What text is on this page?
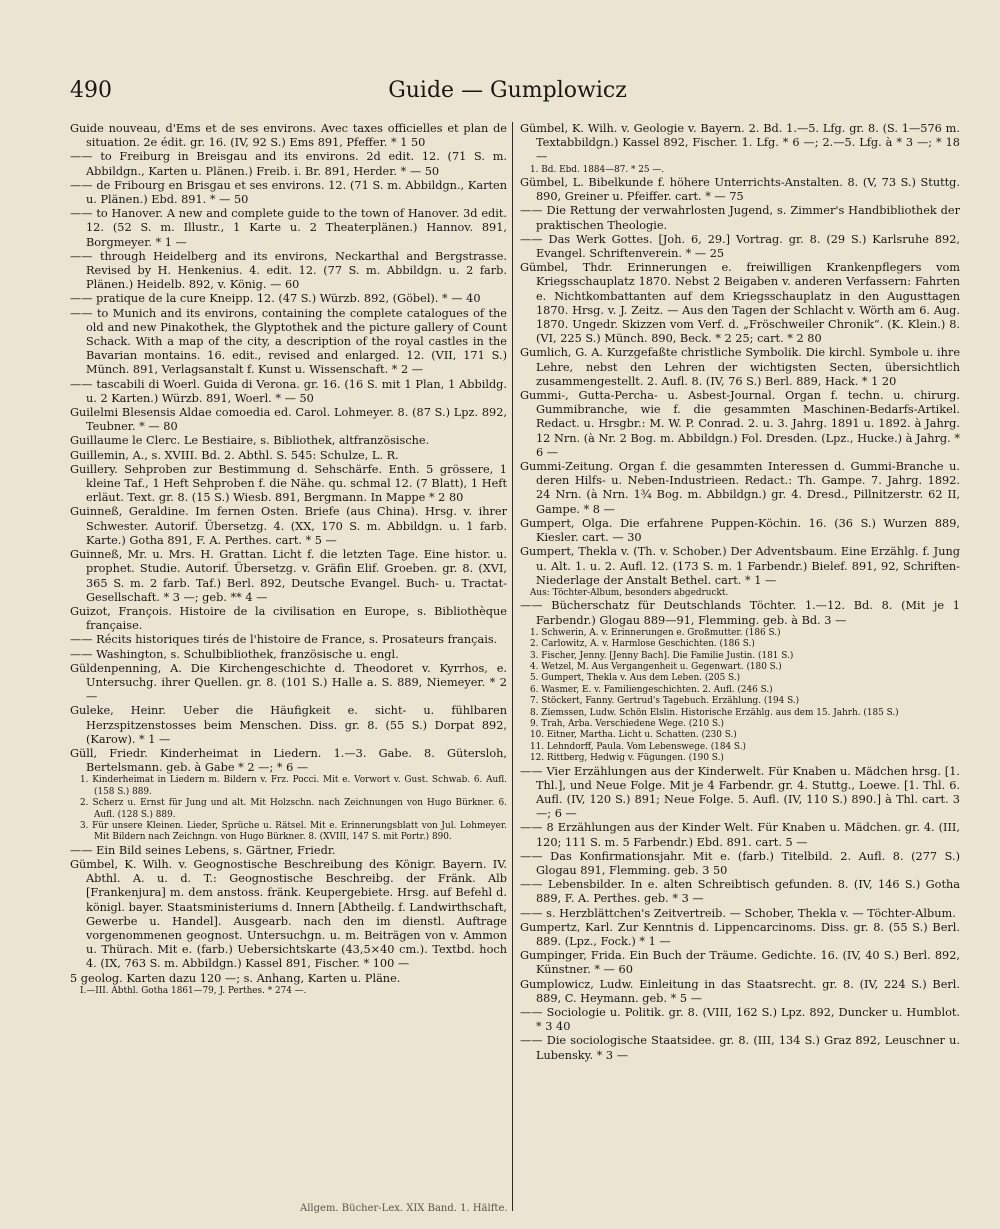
490	Guide — Gumplowicz

Guide nouveau, d'Ems et de ses environs. Avec taxes officielles et plan de situation. 2e édit. gr. 16. (IV, 92 S.) Ems 891, Pfeffer. * 1 50

—— to Freiburg in Breisgau and its environs. 2d edit. 12. (71 S. m. Abbildgn., Karten u. Plänen.) Freib. i. Br. 891, Herder. * — 50

—— de Fribourg en Brisgau et ses environs. 12. (71 S. m. Abbildgn., Karten u. Plänen.) Ebd. 891. * — 50

—— to Hanover. A new and complete guide to the town of Hanover. 3d edit. 12. (52 S. m. Illustr., 1 Karte u. 2 Theaterplänen.) Hannov. 891, Borgmeyer. * 1 —

—— through Heidelberg and its environs, Neckarthal and Bergstrasse. Revised by H. Henkenius. 4. edit. 12. (77 S. m. Abbildgn. u. 2 farb. Plänen.) Heidelb. 892, v. König. — 60

—— pratique de la cure Kneipp. 12. (47 S.) Würzb. 892, (Göbel). * — 40

—— to Munich and its environs, containing the complete catalogues of the old and new Pinakothek, the Glyptothek and the picture gallery of Count Schack. With a map of the city, a description of the royal castles in the Bavarian montains. 16. edit., revised and enlarged. 12. (VII, 171 S.) Münch. 891, Verlagsanstalt f. Kunst u. Wissenschaft. * 2 —

—— tascabili di Woerl. Guida di Verona. gr. 16. (16 S. mit 1 Plan, 1 Abbildg. u. 2 Karten.) Würzb. 891, Woerl. * — 50

Guilelmi Blesensis Aldae comoedia ed. Carol. Lohmeyer. 8. (87 S.) Lpz. 892, Teubner. * — 80

Guillaume le Clerc. Le Bestiaire, s. Bibliothek, altfranzösische.

Guillemin, A., s. XVIII. Bd. 2. Abthl. S. 545: Schulze, L. R.

Guillery. Sehproben zur Bestimmung d. Sehschärfe. Enth. 5 grössere, 1 kleine Taf., 1 Heft Sehproben f. die Nähe. qu. schmal 12. (7 Blatt), 1 Heft erläut. Text. gr. 8. (15 S.) Wiesb. 891, Bergmann. In Mappe * 2 80

Guinneß, Geraldine. Im fernen Osten. Briefe (aus China). Hrsg. v. ihrer Schwester. Autorif. Übersetzg. 4. (XX, 170 S. m. Abbildgn. u. 1 farb. Karte.) Gotha 891, F. A. Perthes. cart. * 5 —

Guinneß, Mr. u. Mrs. H. Grattan. Licht f. die letzten Tage. Eine histor. u. prophet. Studie. Autorif. Übersetzg. v. Gräfin Elif. Groeben. gr. 8. (XVI, 365 S. m. 2 farb. Taf.) Berl. 892, Deutsche Evangel. Buch- u. Tractat-Gesellschaft. * 3 —; geb. ** 4 —

Guizot, François. Histoire de la civilisation en Europe, s. Bibliothèque française.

—— Récits historiques tirés de l'histoire de France, s. Prosateurs français.

—— Washington, s. Schulbibliothek, französische u. engl.

Güldenpenning, A. Die Kirchengeschichte d. Theodoret v. Kyrrhos, e. Untersuchg. ihrer Quellen. gr. 8. (101 S.) Halle a. S. 889, Niemeyer. * 2 —

Guleke, Heinr. Ueber die Häufigkeit e. sicht- u. fühlbaren Herzspitzenstosses beim Menschen. Diss. gr. 8. (55 S.) Dorpat 892, (Karow). * 1 —

Güll, Friedr. Kinderheimat in Liedern. 1.—3. Gabe. 8. Gütersloh, Bertelsmann. geb. à Gabe * 2 —; * 6 —

1. Kinderheimat in Liedern m. Bildern v. Frz. Pocci. Mit e. Vorwort v. Gust. Schwab. 6. Aufl. (158 S.) 889.

2. Scherz u. Ernst für Jung und alt. Mit Holzschn. nach Zeichnungen von Hugo Bürkner. 6. Aufl. (128 S.) 889.

3. Für unsere Kleinen. Lieder, Sprüche u. Rätsel. Mit e. Erinnerungsblatt von Jul. Lohmeyer. Mit Bildern nach Zeichngn. von Hugo Bürkner. 8. (XVIII, 147 S. mit Portr.) 890.

—— Ein Bild seines Lebens, s. Gärtner, Friedr.

Gümbel, K. Wilh. v. Geognostische Beschreibung des Königr. Bayern. IV. Abthl. A. u. d. T.: Geognostische Beschreibg. der Fränk. Alb [Frankenjura] m. dem anstoss. fränk. Keupergebiete. Hrsg. auf Befehl d. königl. bayer. Staatsministeriums d. Innern [Abtheilg. f. Landwirthschaft, Gewerbe u. Handel]. Ausgearb. nach den im dienstl. Auftrage vorgenommenen geognost. Untersuchgn. u. m. Beiträgen von v. Ammon u. Thürach. Mit e. (farb.) Uebersichtskarte (43,5×40 cm.). Textbd. hoch 4. (IX, 763 S. m. Abbildgn.) Kassel 891, Fischer. * 100 —

5 geolog. Karten dazu 120 —; s. Anhang, Karten u. Pläne.

I.—III. Abthl. Gotha 1861—79, J. Perthes. * 274 —.

Gümbel, K. Wilh. v. Geologie v. Bayern. 2. Bd. 1.—5. Lfg. gr. 8. (S. 1—576 m. Textabbildgn.) Kassel 892, Fischer. 1. Lfg. * 6 —; 2.—5. Lfg. à * 3 —; * 18 —

1. Bd. Ebd. 1884—87. * 25 —.

Gümbel, L. Bibelkunde f. höhere Unterrichts-Anstalten. 8. (V, 73 S.) Stuttg. 890, Greiner u. Pfeiffer. cart. * — 75

—— Die Rettung der verwahrlosten Jugend, s. Zimmer's Handbibliothek der praktischen Theologie.

—— Das Werk Gottes. [Joh. 6, 29.] Vortrag. gr. 8. (29 S.) Karlsruhe 892, Evangel. Schriftenverein. * — 25

Gümbel, Thdr. Erinnerungen e. freiwilligen Krankenpflegers vom Kriegsschauplatz 1870. Nebst 2 Beigaben v. anderen Verfassern: Fahrten e. Nichtkombattanten auf dem Kriegsschauplatz in den Augusttagen 1870. Hrsg. v. J. Zeitz. — Aus den Tagen der Schlacht v. Wörth am 6. Aug. 1870. Ungedr. Skizzen vom Verf. d. „Fröschweiler Chronik“. (K. Klein.) 8. (VI, 225 S.) Münch. 890, Beck. * 2 25; cart. * 2 80

Gumlich, G. A. Kurzgefaßte christliche Symbolik. Die kirchl. Symbole u. ihre Lehre, nebst den Lehren der wichtigsten Secten, übersichtlich zusammengestellt. 2. Aufl. 8. (IV, 76 S.) Berl. 889, Hack. * 1 20

Gummi-, Gutta-Percha- u. Asbest-Journal. Organ f. techn. u. chirurg. Gummibranche, wie f. die gesammten Maschinen-Bedarfs-Artikel. Redact. u. Hrsgbr.: M. W. P. Conrad. 2. u. 3. Jahrg. 1891 u. 1892. à Jahrg. 12 Nrn. (à Nr. 2 Bog. m. Abbildgn.) Fol. Dresden. (Lpz., Hucke.) à Jahrg. * 6 —

Gummi-Zeitung. Organ f. die gesammten Interessen d. Gummi-Branche u. deren Hilfs- u. Neben-Industrieen. Redact.: Th. Gampe. 7. Jahrg. 1892. 24 Nrn. (à Nrn. 1¾ Bog. m. Abbildgn.) gr. 4. Dresd., Pillnitzerstr. 62 II, Gampe. * 8 —

Gumpert, Olga. Die erfahrene Puppen-Köchin. 16. (36 S.) Wurzen 889, Kiesler. cart. — 30

Gumpert, Thekla v. (Th. v. Schober.) Der Adventsbaum. Eine Erzählg. f. Jung u. Alt. 1. u. 2. Aufl. 12. (173 S. m. 1 Farbendr.) Bielef. 891, 92, Schriften-Niederlage der Anstalt Bethel. cart. * 1 —

Aus: Töchter-Album, besonders abgedruckt.

—— Bücherschatz für Deutschlands Töchter. 1.—12. Bd. 8. (Mit je 1 Farbendr.) Glogau 889—91, Flemming. geb. à Bd. 3 —

1. Schwerin, A. v. Erinnerungen e. Großmutter. (186 S.)

2. Carlowitz, A. v. Harmlose Geschichten. (186 S.)

3. Fischer, Jenny. [Jenny Bach]. Die Familie Justin. (181 S.)

4. Wetzel, M. Aus Vergangenheit u. Gegenwart. (180 S.)

5. Gumpert, Thekla v. Aus dem Leben. (205 S.)

6. Wasmer, E. v. Familiengeschichten. 2. Aufl. (246 S.)

7. Stöckert, Fanny. Gertrud's Tagebuch. Erzählung. (194 S.)

8. Ziemssen, Ludw. Schön Elslin. Historische Erzählg. aus dem 15. Jahrh. (185 S.)

9. Trah, Arba. Verschiedene Wege. (210 S.)

10. Eitner, Martha. Licht u. Schatten. (230 S.)

11. Lehndorff, Paula. Vom Lebenswege. (184 S.)

12. Rittberg, Hedwig v. Fügungen. (190 S.)

—— Vier Erzählungen aus der Kinderwelt. Für Knaben u. Mädchen hrsg. [1. Thl.], und Neue Folge. Mit je 4 Farbendr. gr. 4. Stuttg., Loewe. [1. Thl. 6. Aufl. (IV, 120 S.) 891; Neue Folge. 5. Aufl. (IV, 110 S.) 890.] à Thl. cart. 3 —; 6 —

—— 8 Erzählungen aus der Kinder Welt. Für Knaben u. Mädchen. gr. 4. (III, 120; 111 S. m. 5 Farbendr.) Ebd. 891. cart. 5 —

—— Das Konfirmationsjahr. Mit e. (farb.) Titelbild. 2. Aufl. 8. (277 S.) Glogau 891, Flemming. geb. 3 50

—— Lebensbilder. In e. alten Schreibtisch gefunden. 8. (IV, 146 S.) Gotha 889, F. A. Perthes. geb. * 3 —

—— s. Herzblättchen's Zeitvertreib. — Schober, Thekla v. — Töchter-Album.

Gumpertz, Karl. Zur Kenntnis d. Lippencarcinoms. Diss. gr. 8. (55 S.) Berl. 889. (Lpz., Fock.) * 1 —

Gumpinger, Frida. Ein Buch der Träume. Gedichte. 16. (IV, 40 S.) Berl. 892, Künstner. * — 60

Gumplowicz, Ludw. Einleitung in das Staatsrecht. gr. 8. (IV, 224 S.) Berl. 889, C. Heymann. geb. * 5 —

—— Sociologie u. Politik. gr. 8. (VIII, 162 S.) Lpz. 892, Duncker u. Humblot. * 3 40

—— Die sociologische Staatsidee. gr. 8. (III, 134 S.) Graz 892, Leuschner u. Lubensky. * 3 —

Allgem. Bücher-Lex. XIX Band. 1. Hälfte.
